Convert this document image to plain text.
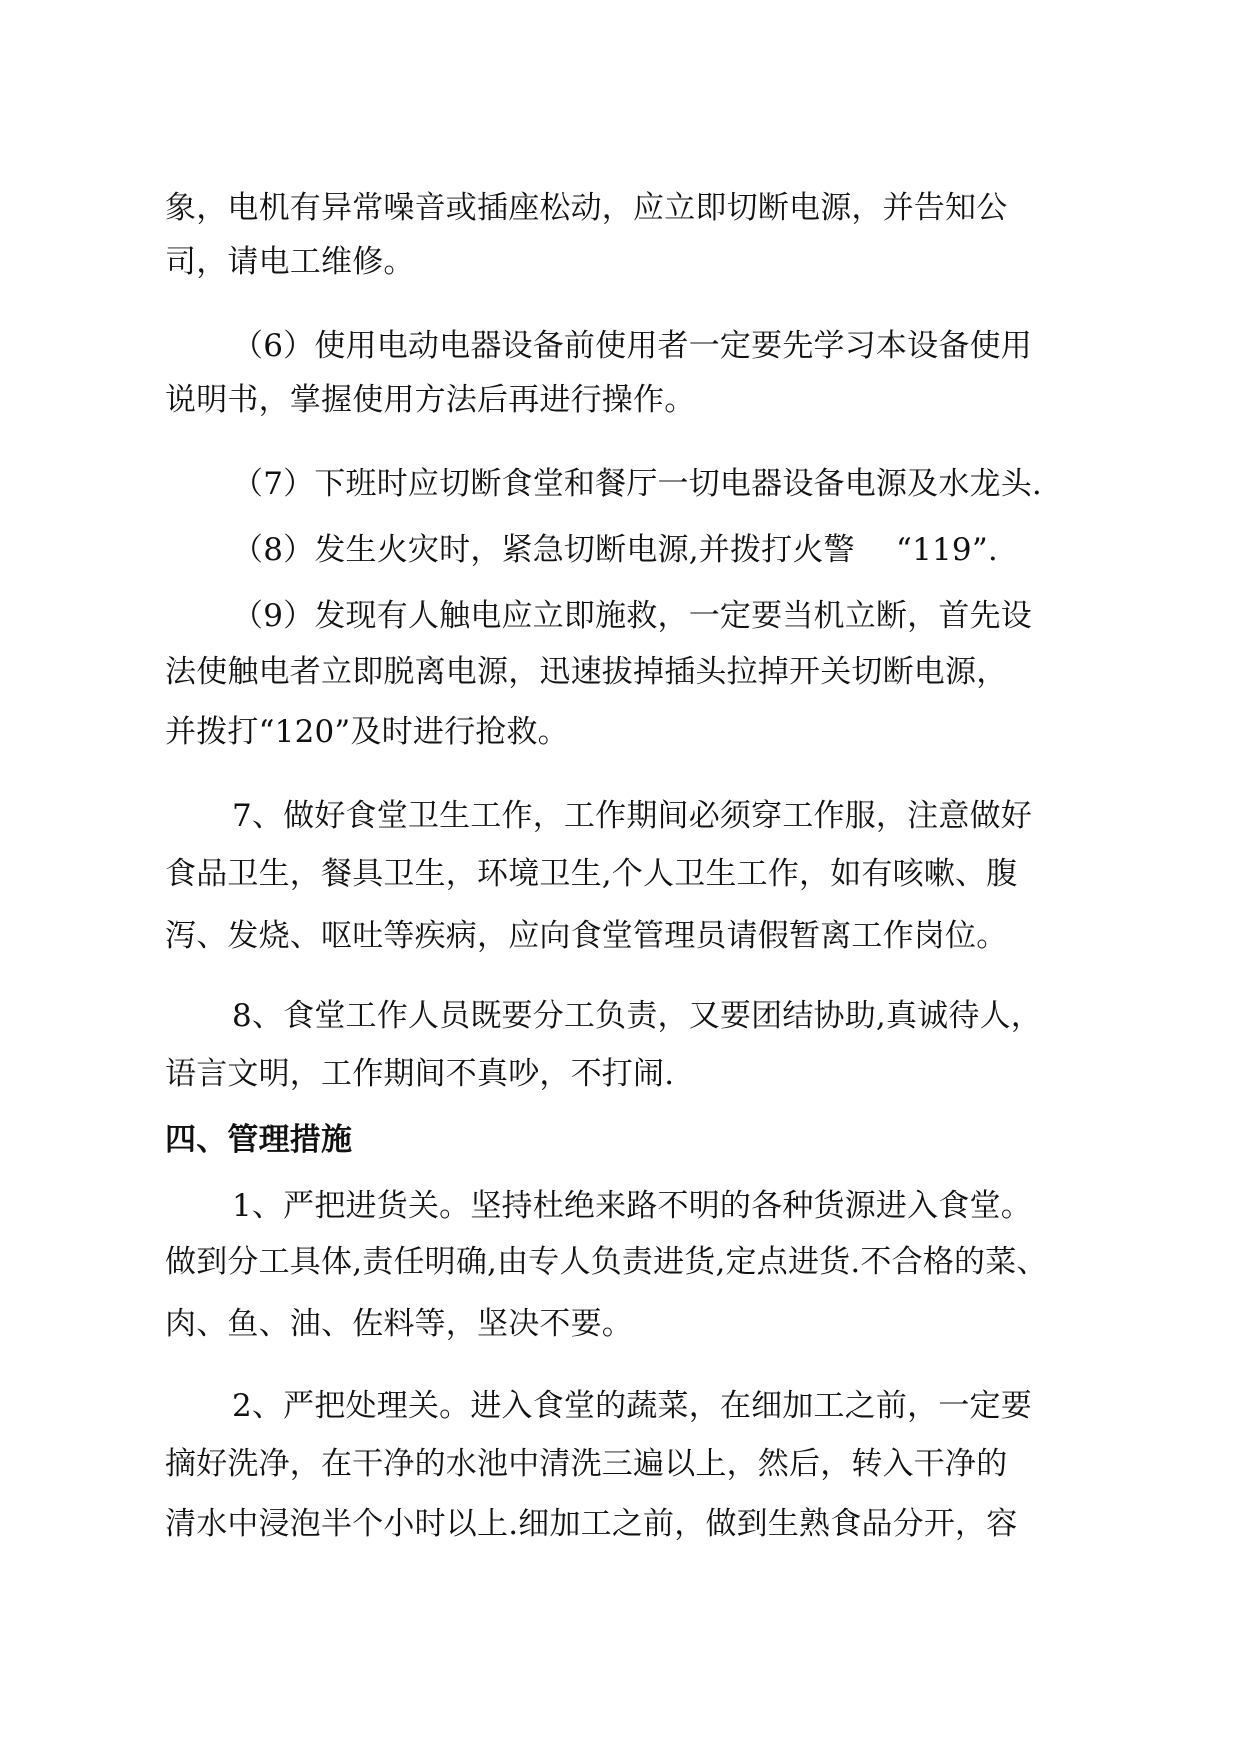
象，电机有异常噪音或插座松动，应立即切断电源，并告知公
司，请电工维修。
（6）使用电动电器设备前使用者一定要先学习本设备使用
说明书，掌握使用方法后再进行操作。
（7）下班时应切断食堂和餐厅一切电器设备电源及水龙头.
（8）发生火灾时，紧急切断电源,并拨打火警　 “119”.
（9）发现有人触电应立即施救，一定要当机立断，首先设
法使触电者立即脱离电源，迅速拔掉插头拉掉开关切断电源，
并拨打“120”及时进行抢救。
7、做好食堂卫生工作，工作期间必须穿工作服，注意做好
食品卫生，餐具卫生，环境卫生,个人卫生工作，如有咳嗽、腹
泻、发烧、呕吐等疾病，应向食堂管理员请假暂离工作岗位。
8、食堂工作人员既要分工负责，又要团结协助,真诚待人，
语言文明，工作期间不真吵，不打闹.
四、管理措施
1、严把进货关。坚持杜绝来路不明的各种货源进入食堂。
做到分工具体,责任明确,由专人负责进货,定点进货.不合格的菜、
肉、鱼、油、佐料等，坚决不要。
2、严把处理关。进入食堂的蔬菜，在细加工之前，一定要
摘好洗净，在干净的水池中清洗三遍以上，然后，转入干净的
清水中浸泡半个小时以上.细加工之前，做到生熟食品分开，容
